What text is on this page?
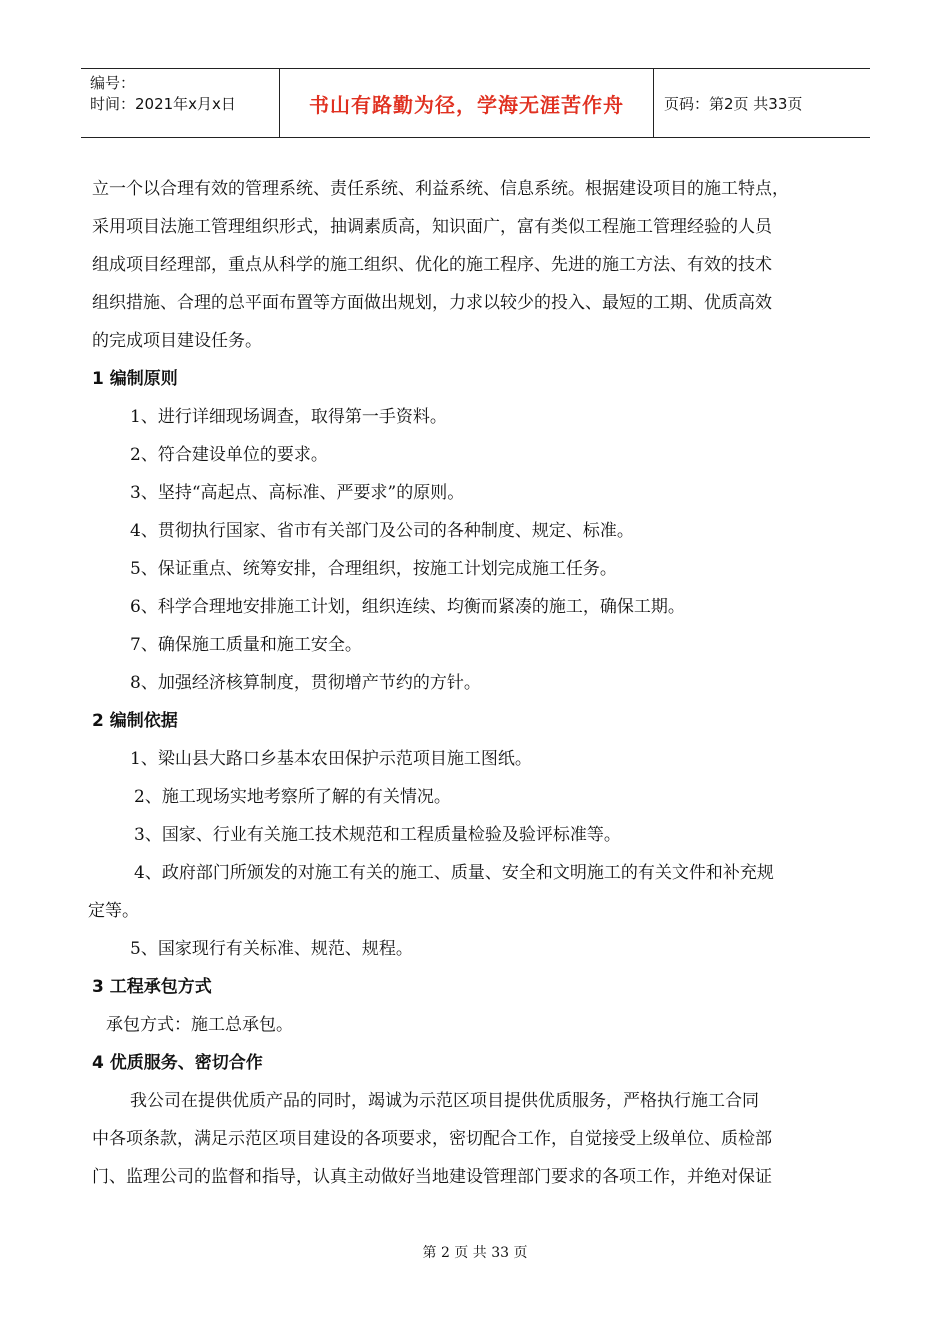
编号：
时间：2021年x月x日	书山有路勤为径，学海无涯苦作舟	页码：第2页 共33页

立一个以合理有效的管理系统、责任系统、利益系统、信息系统。根据建设项目的施工特点，

采用项目法施工管理组织形式，抽调素质高，知识面广，富有类似工程施工管理经验的人员

组成项目经理部，重点从科学的施工组织、优化的施工程序、先进的施工方法、有效的技术

组织措施、合理的总平面布置等方面做出规划，力求以较少的投入、最短的工期、优质高效

的完成项目建设任务。

1 编制原则

1、进行详细现场调查，取得第一手资料。

2、符合建设单位的要求。

3、坚持“高起点、高标准、严要求”的原则。

4、贯彻执行国家、省市有关部门及公司的各种制度、规定、标准。

5、保证重点、统筹安排，合理组织，按施工计划完成施工任务。

6、科学合理地安排施工计划，组织连续、均衡而紧凑的施工，确保工期。

7、确保施工质量和施工安全。

8、加强经济核算制度，贯彻增产节约的方针。

2 编制依据

1、梁山县大路口乡基本农田保护示范项目施工图纸。

2、施工现场实地考察所了解的有关情况。

3、国家、行业有关施工技术规范和工程质量检验及验评标准等。

4、政府部门所颁发的对施工有关的施工、质量、安全和文明施工的有关文件和补充规

定等。

5、国家现行有关标准、规范、规程。

3 工程承包方式

承包方式：施工总承包。

4 优质服务、密切合作

我公司在提供优质产品的同时，竭诚为示范区项目提供优质服务，严格执行施工合同

中各项条款，满足示范区项目建设的各项要求，密切配合工作，自觉接受上级单位、质检部

门、监理公司的监督和指导，认真主动做好当地建设管理部门要求的各项工作，并绝对保证

第 2 页 共 33 页
